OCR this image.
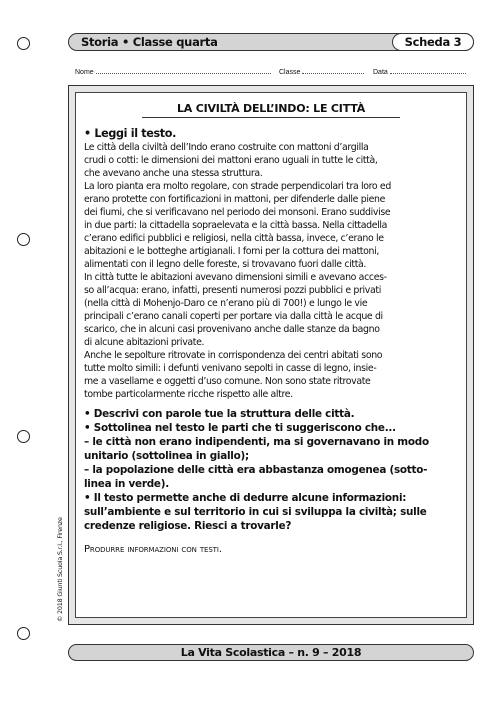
Storia • Classe quarta	Scheda 3
Nome	Classe	Data
LA CIVILTÀ DELL’INDO: LE CITTÀ
• Leggi il testo.
Le città della civiltà dell’Indo erano costruite con mattoni d’argilla
crudi o cotti: le dimensioni dei mattoni erano uguali in tutte le città,
che avevano anche una stessa struttura.
La loro pianta era molto regolare, con strade perpendicolari tra loro ed
erano protette con fortificazioni in mattoni, per difenderle dalle piene
dei fiumi, che si verificavano nel periodo dei monsoni. Erano suddivise
in due parti: la cittadella sopraelevata e la città bassa. Nella cittadella
c’erano edifici pubblici e religiosi, nella città bassa, invece, c’erano le
abitazioni e le botteghe artigianali. I forni per la cottura dei mattoni,
alimentati con il legno delle foreste, si trovavano fuori dalle città.
In città tutte le abitazioni avevano dimensioni simili e avevano acces-
so all’acqua: erano, infatti, presenti numerosi pozzi pubblici e privati
(nella città di Mohenjo-Daro ce n’erano più di 700!) e lungo le vie
principali c’erano canali coperti per portare via dalla città le acque di
scarico, che in alcuni casi provenivano anche dalle stanze da bagno
di alcune abitazioni private.
Anche le sepolture ritrovate in corrispondenza dei centri abitati sono
tutte molto simili: i defunti venivano sepolti in casse di legno, insie-
me a vasellame e oggetti d’uso comune. Non sono state ritrovate
tombe particolarmente ricche rispetto alle altre.
• Descrivi con parole tue la struttura delle città.
• Sottolinea nel testo le parti che ti suggeriscono che...
– le città non erano indipendenti, ma si governavano in modo
unitario (sottolinea in giallo);
– la popolazione delle città era abbastanza omogenea (sotto-
linea in verde).
• Il testo permette anche di dedurre alcune informazioni:
sull’ambiente e sul territorio in cui si sviluppa la civiltà; sulle
credenze religiose. Riesci a trovarle?
Produrre informazioni con testi.
© 2018 Giunti Scuola S.r.l., Firenze
La Vita Scolastica – n. 9 – 2018
